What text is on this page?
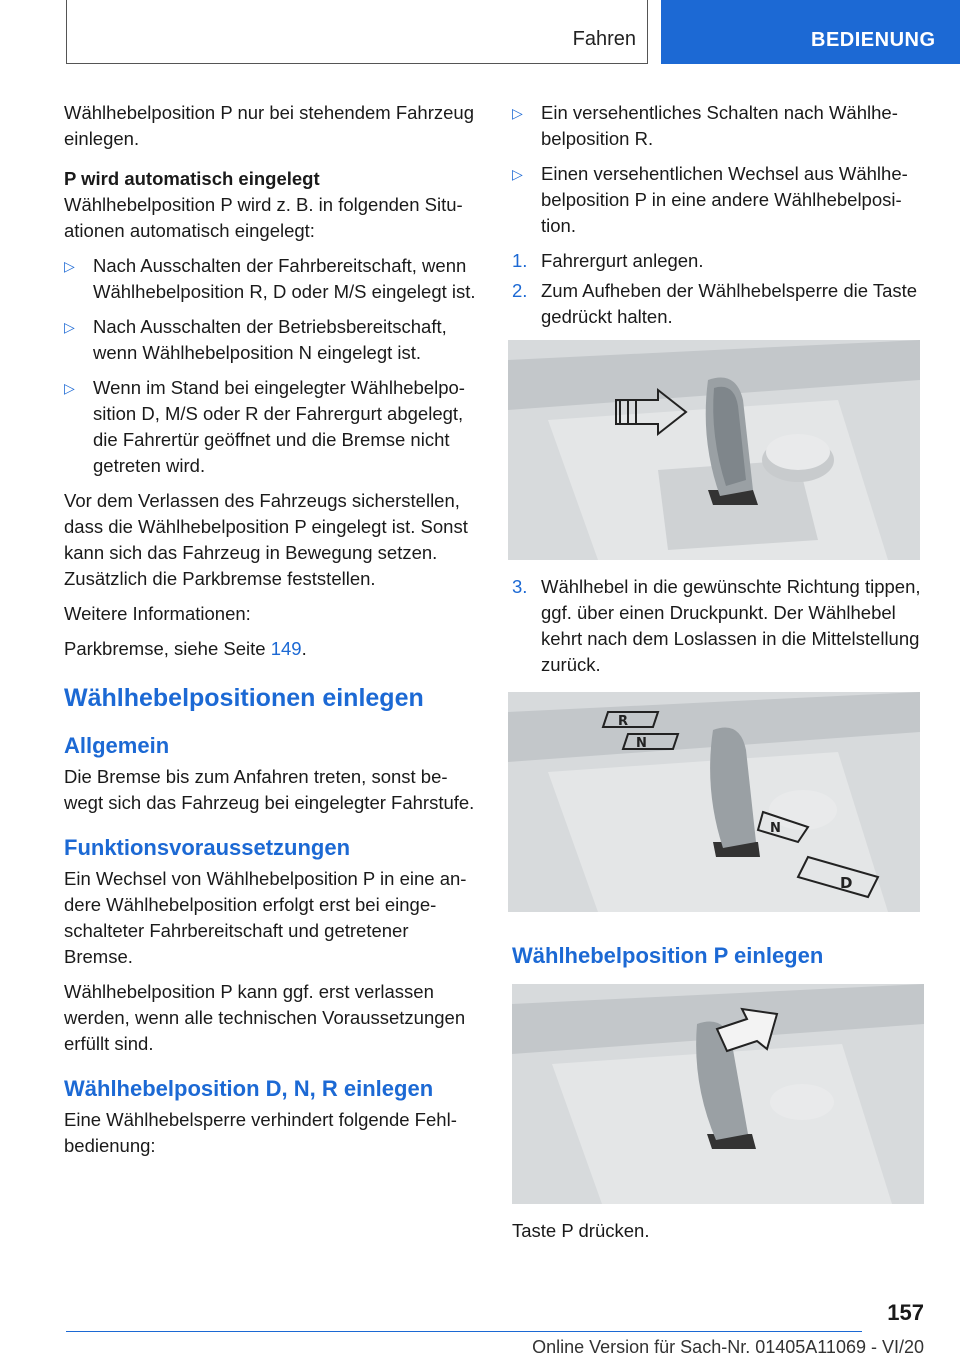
Fahren	BEDIENUNG

Wählhebelposition P nur bei stehendem Fahrzeug einlegen.

P wird automatisch eingelegt

Wählhebelposition P wird z. B. in folgenden Situationen automatisch eingelegt:

▷ Nach Ausschalten der Fahrbereitschaft, wenn Wählhebelposition R, D oder M/S eingelegt ist.
▷ Nach Ausschalten der Betriebsbereitschaft, wenn Wählhebelposition N eingelegt ist.
▷ Wenn im Stand bei eingelegter Wählhebelposition D, M/S oder R der Fahrergurt abgelegt, die Fahrertür geöffnet und die Bremse nicht getreten wird.

Vor dem Verlassen des Fahrzeugs sicherstellen, dass die Wählhebelposition P eingelegt ist. Sonst kann sich das Fahrzeug in Bewegung setzen. Zusätzlich die Parkbremse feststellen.

Weitere Informationen:

Parkbremse, siehe Seite 149.

Wählhebelpositionen einlegen
Allgemein

Die Bremse bis zum Anfahren treten, sonst bewegt sich das Fahrzeug bei eingelegter Fahrstufe.

Funktionsvoraussetzungen

Ein Wechsel von Wählhebelposition P in eine andere Wählhebelposition erfolgt erst bei eingeschalteter Fahrbereitschaft und getretener Bremse.

Wählhebelposition P kann ggf. erst verlassen werden, wenn alle technischen Voraussetzungen erfüllt sind.

Wählhebelposition D, N, R einlegen

Eine Wählhebelsperre verhindert folgende Fehlbedienung:

▷ Ein versehentliches Schalten nach Wählhebelposition R.
▷ Einen versehentlichen Wechsel aus Wählhebelposition P in eine andere Wählhebelposition.
1. Fahrergurt anlegen.
2. Zum Aufheben der Wählhebelsperre die Taste gedrückt halten.
3. Wählhebel in die gewünschte Richtung tippen, ggf. über einen Druckpunkt. Der Wählhebel kehrt nach dem Loslassen in die Mittelstellung zurück.
R
N
N
D
Wählhebelposition P einlegen

Taste P drücken.

157
Online Version für Sach-Nr. 01405A11069 - VI/20
